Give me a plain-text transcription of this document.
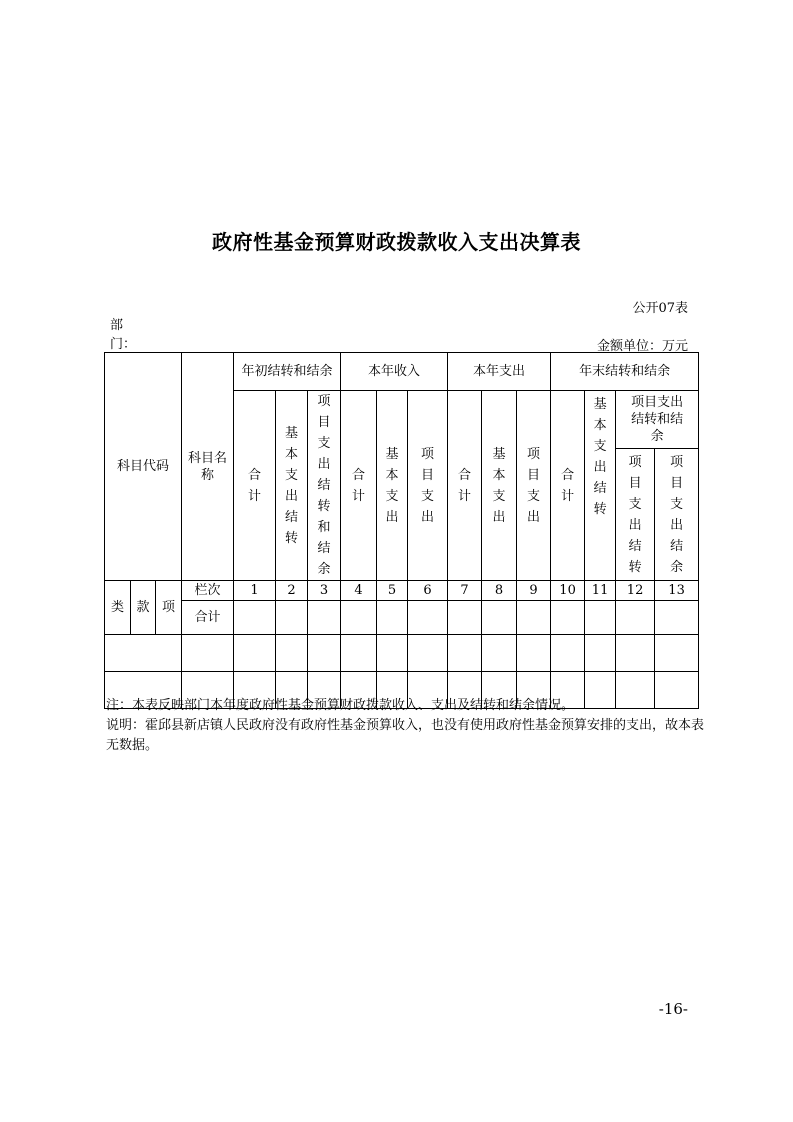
政府性基金预算财政拨款收入支出决算表
公开07表
部门：	金额单位：万元
科目代码			科目名称	年初结转和结余			本年收入			本年支出			年末结转和结余			
				合计	基本支出结转	项目支出结转和结余	合计	基本支出	项目支出	合计	基本支出	项目支出	合计	基本支出结转	项目支出结转和结余	
															项目支出结转	项目支出结余

类	款	项	栏次	1	2	3	4	5	6	7	8	9	10	11	12	13
			合计													

注：本表反映部门本年度政府性基金预算财政拨款收入、支出及结转和结余情况。
说明：霍邱县新店镇人民政府没有政府性基金预算收入，也没有使用政府性基金预算安排的支出，故本表无数据。
-16-
